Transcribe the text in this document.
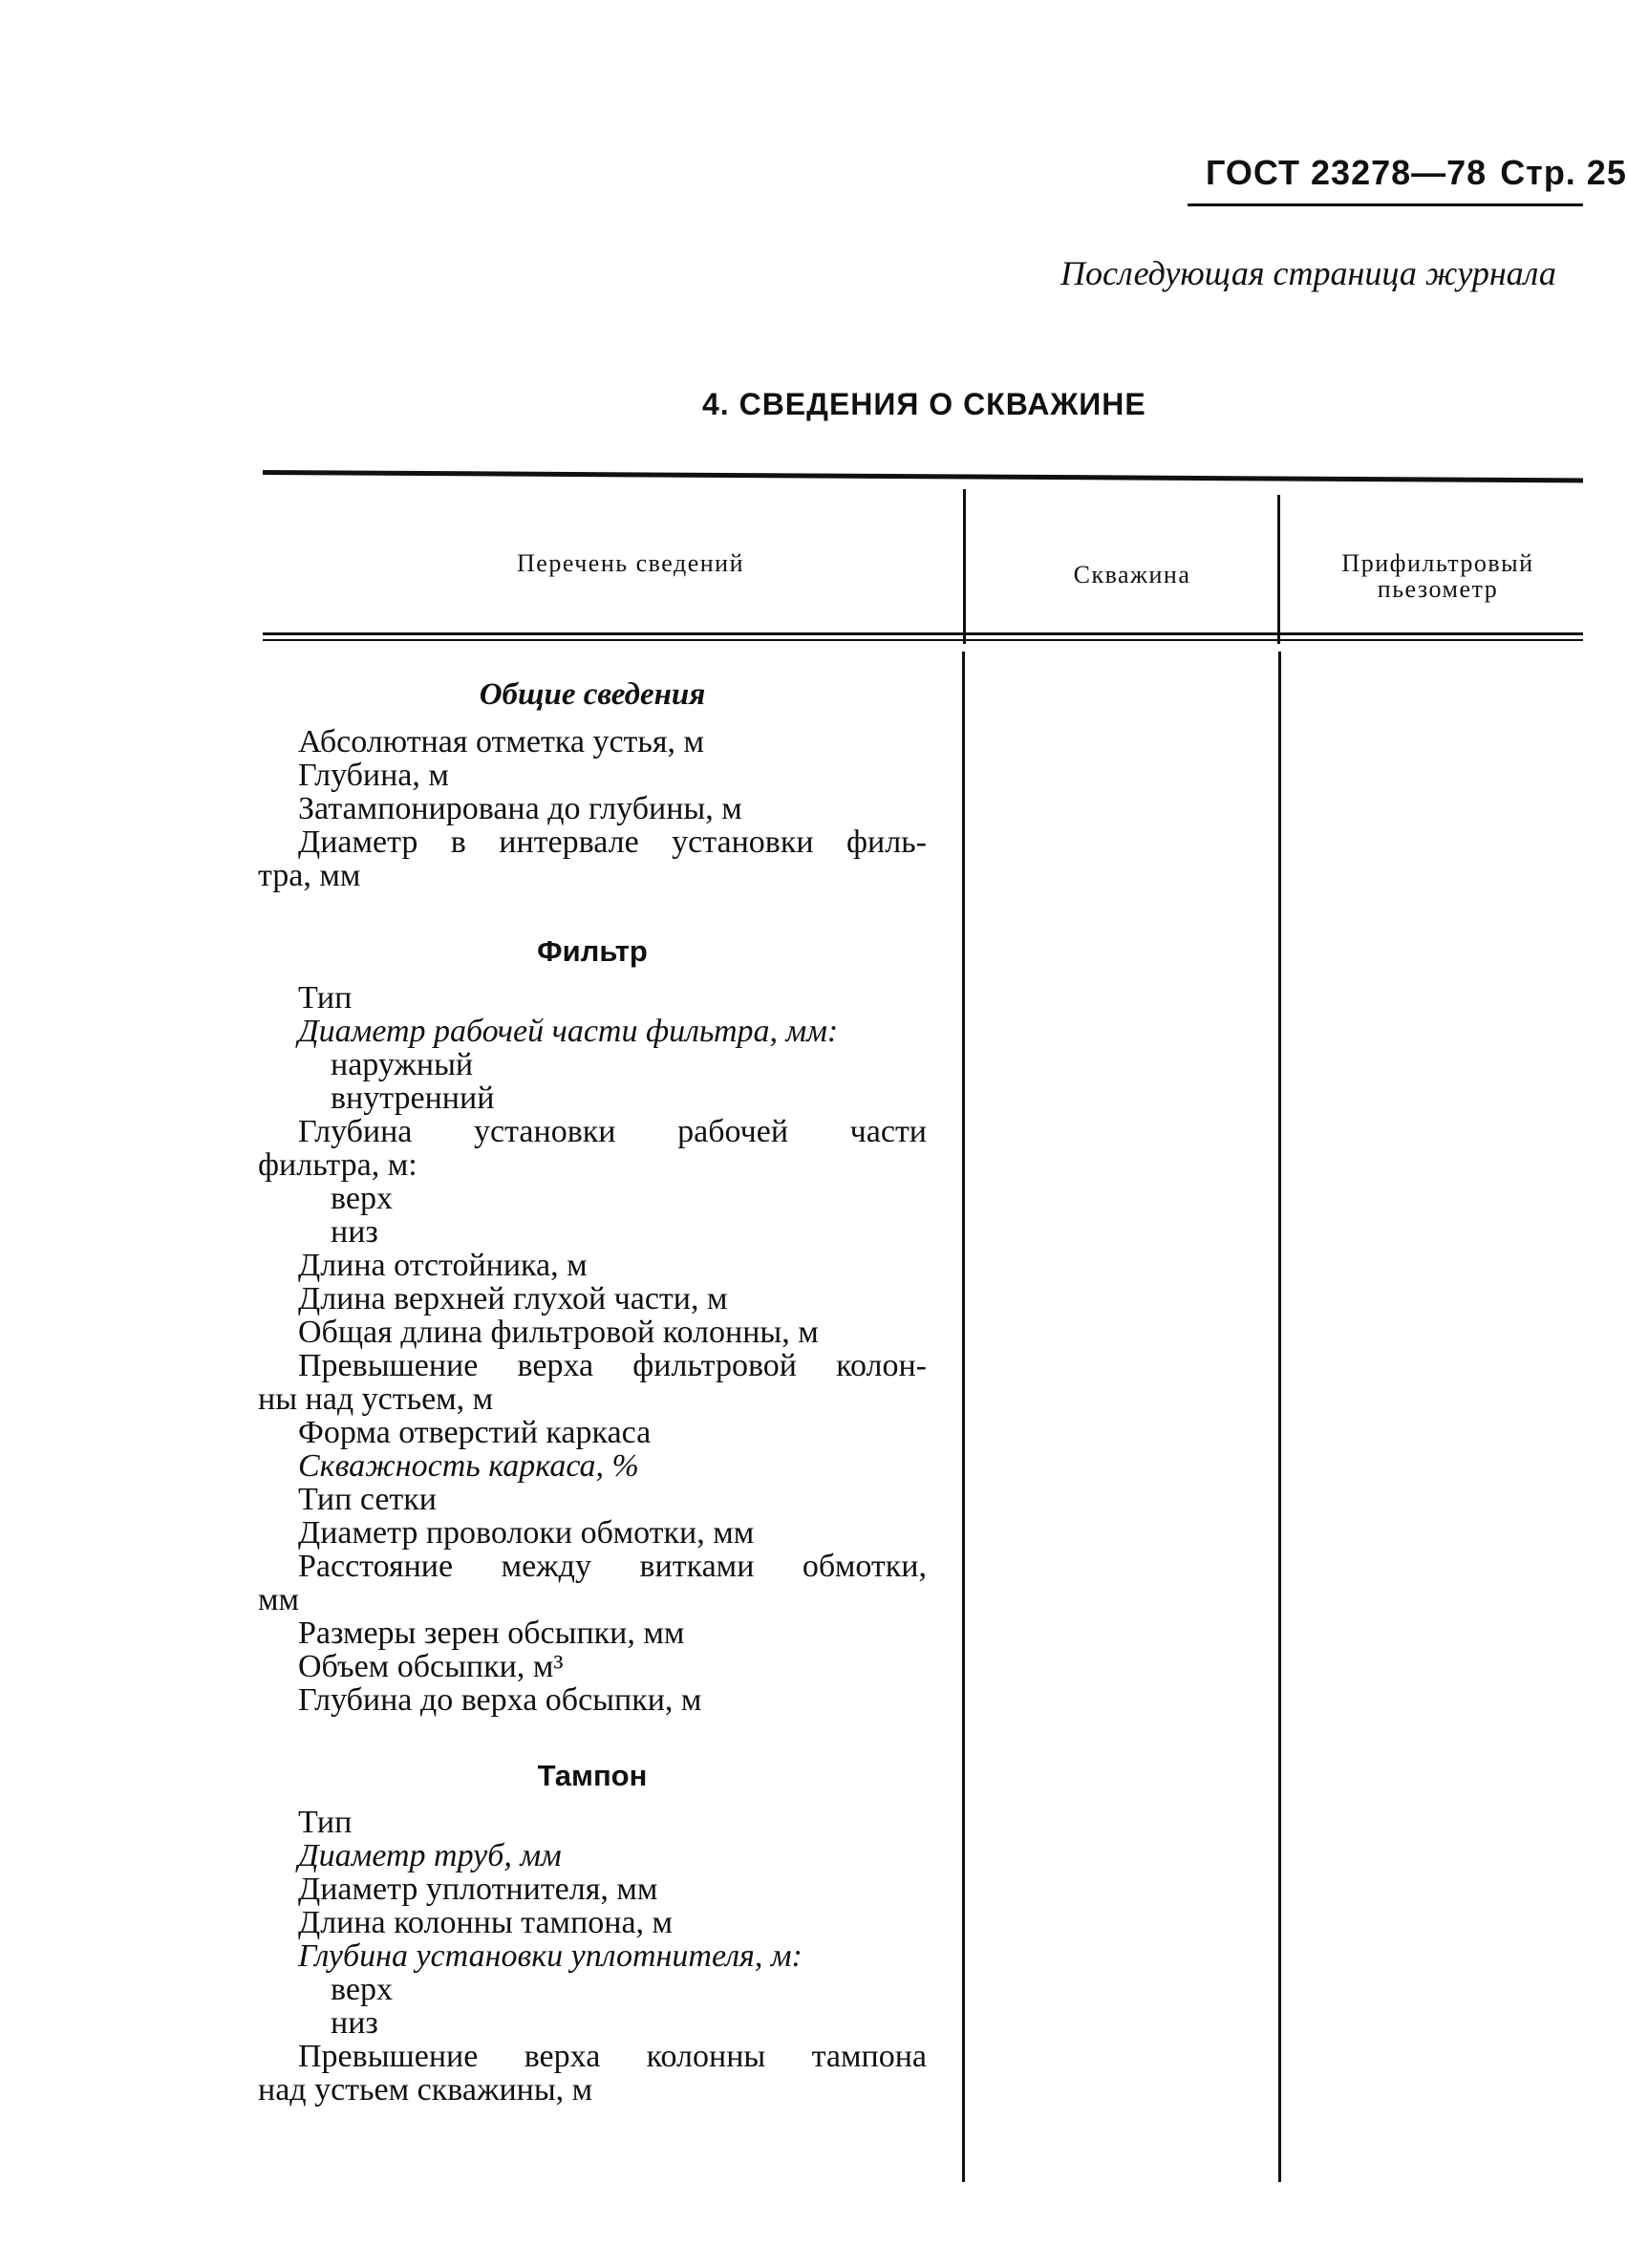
ГОСТ 23278—78 Стр. 25
Последующая страница журнала
4. СВЕДЕНИЯ О СКВАЖИНЕ
Перечень сведений	Скважина	Прифильтровый пьезометр
Общие сведения
Абсолютная отметка устья, м
Глубина, м
Затампонирована до глубины, м
Диаметр в интервале установки филь-
тра, мм
Фильтр
Тип
Диаметр рабочей части фильтра, мм:
наружный
внутренний
Глубина установки рабочей части
фильтра, м:
верх
низ
Длина отстойника, м
Длина верхней глухой части, м
Общая длина фильтровой колонны, м
Превышение верха фильтровой колон-
ны над устьем, м
Форма отверстий каркаса
Скважность каркаса, %
Тип сетки
Диаметр проволоки обмотки, мм
Расстояние между витками обмотки,
мм
Размеры зерен обсыпки, мм
Объем обсыпки, м³
Глубина до верха обсыпки, м
Тампон
Тип
Диаметр труб, мм
Диаметр уплотнителя, мм
Длина колонны тампона, м
Глубина установки уплотнителя, м:
верх
низ
Превышение верха колонны тампона
над устьем скважины, м
